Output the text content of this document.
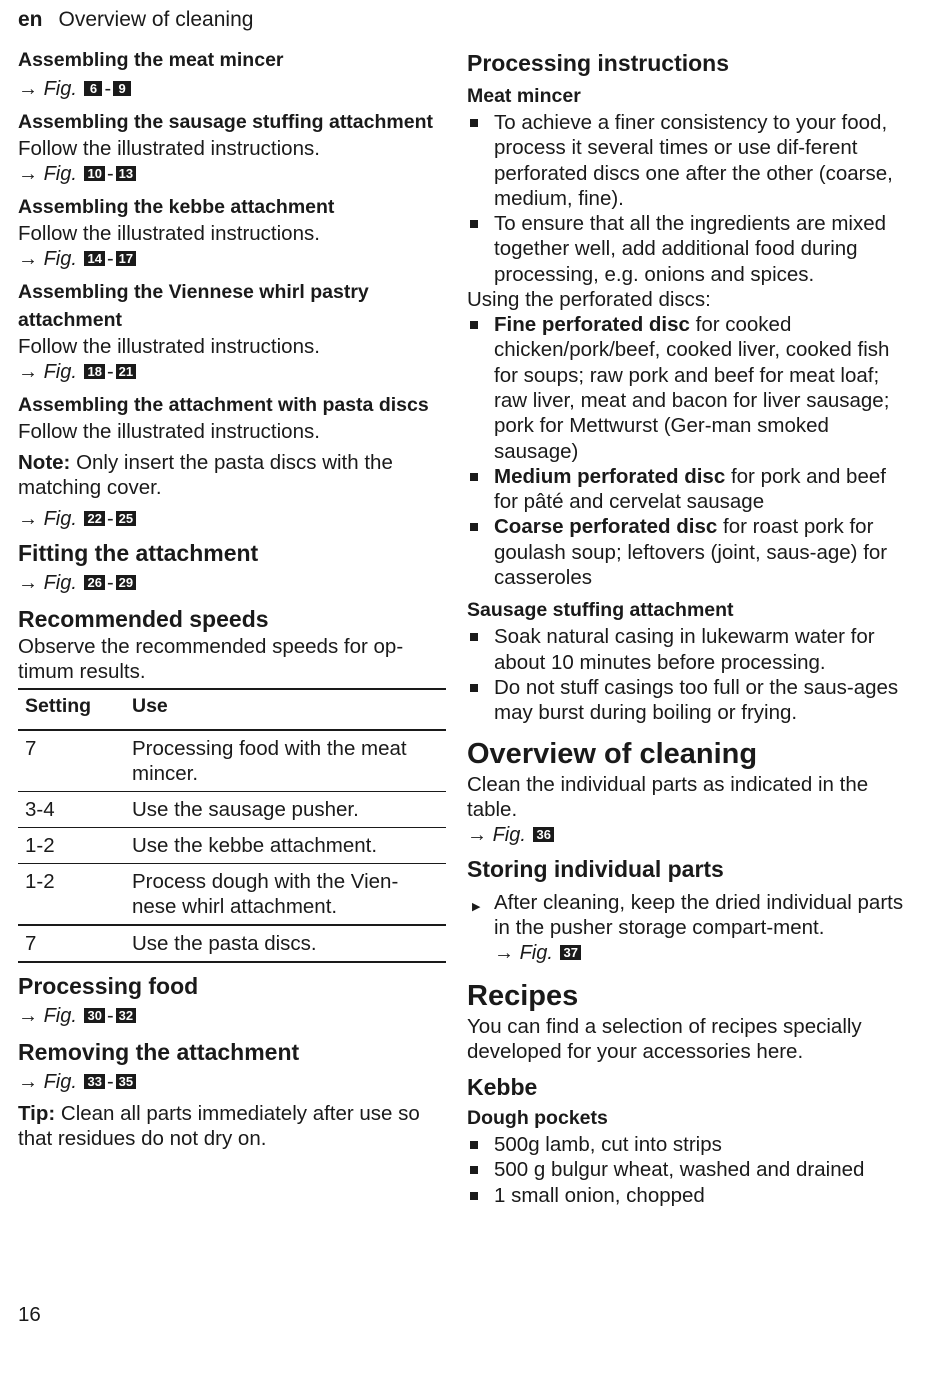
en Overview of cleaning
Assembling the meat mincer
→ Fig. 6 - 9
Assembling the sausage stuffing attachment

Follow the illustrated instructions.

→ Fig. 10 - 13
Assembling the kebbe attachment

Follow the illustrated instructions.

→ Fig. 14 - 17
Assembling the Viennese whirl pastry attachment

Follow the illustrated instructions.

→ Fig. 18 - 21
Assembling the attachment with pasta discs

Follow the illustrated instructions.

Note: Only insert the pasta discs with the matching cover.

→ Fig. 22 - 25
Fitting the attachment
→ Fig. 26 - 29
Recommended speeds

Observe the recommended speeds for op-timum results.

Setting	Use
7	Processing food with the meat mincer.
3-4	Use the sausage pusher.
1-2	Use the kebbe attachment.
1-2	Process dough with the Vien-nese whirl attachment.
7	Use the pasta discs.
Processing food
→ Fig. 30 - 32
Removing the attachment
→ Fig. 33 - 35

Tip: Clean all parts immediately after use so that residues do not dry on.

Processing instructions
Meat mincer
To achieve a finer consistency to your food, process it several times or use dif-ferent perforated discs one after the other (coarse, medium, fine).
To ensure that all the ingredients are mixed together well, add additional food during processing, e.g. onions and spices.

Using the perforated discs:

Fine perforated disc for cooked chicken/pork/beef, cooked liver, cooked fish for soups; raw pork and beef for meat loaf; raw liver, meat and bacon for liver sausage; pork for Mettwurst (Ger-man smoked sausage)
Medium perforated disc for pork and beef for pâté and cervelat sausage
Coarse perforated disc for roast pork for goulash soup; leftovers (joint, saus-age) for casseroles
Sausage stuffing attachment
Soak natural casing in lukewarm water for about 10 minutes before processing.
Do not stuff casings too full or the saus-ages may burst during boiling or frying.
Overview of cleaning

Clean the individual parts as indicated in the table.

→ Fig. 36
Storing individual parts
▶ After cleaning, keep the dried individual parts in the pusher storage compart-ment.
→ Fig. 37
Recipes

You can find a selection of recipes specially developed for your accessories here.

Kebbe
Dough pockets
500g lamb, cut into strips
500 g bulgur wheat, washed and drained
1 small onion, chopped
16
